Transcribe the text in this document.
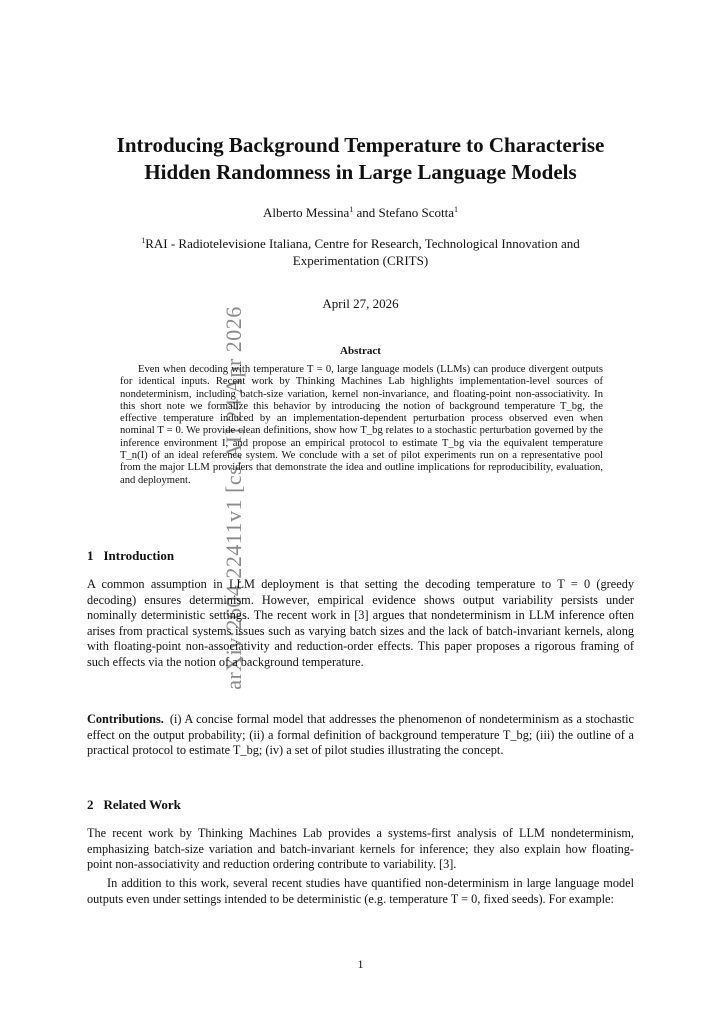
arXiv:2604.22411v1 [cs.AI] 24 Apr 2026
Introducing Background Temperature to Characterise
Hidden Randomness in Large Language Models
Alberto Messina$^1$ and Stefano Scotta$^1$
$^1$RAI - Radiotelevisione Italiana, Centre for Research, Technological Innovation and
Experimentation (CRITS)
April 27, 2026
Abstract
Even when decoding with temperature T = 0, large language models (LLMs) can produce divergent outputs for identical inputs. Recent work by Thinking Machines Lab highlights implementation-level sources of nondeterminism, including batch-size variation, kernel non-invariance, and floating-point non-associativity. In this short note we formalize this behavior by introducing the notion of background temperature T_bg, the effective temperature induced by an implementation-dependent perturbation process observed even when nominal T = 0. We provide clean definitions, show how T_bg relates to a stochastic perturbation governed by the inference environment I, and propose an empirical protocol to estimate T_bg via the equivalent temperature T_n(I) of an ideal reference system. We conclude with a set of pilot experiments run on a representative pool from the major LLM providers that demonstrate the idea and outline implications for reproducibility, evaluation, and deployment.
1 Introduction
A common assumption in LLM deployment is that setting the decoding temperature to T = 0 (greedy decoding) ensures determinism. However, empirical evidence shows output variability persists under nominally deterministic settings. The recent work in [3] argues that nondeterminism in LLM inference often arises from practical systems issues such as varying batch sizes and the lack of batch-invariant kernels, along with floating-point non-associativity and reduction-order effects. This paper proposes a rigorous framing of such effects via the notion of a background temperature.
Contributions. (i) A concise formal model that addresses the phenomenon of nondeterminism as a stochastic effect on the output probability; (ii) a formal definition of background temperature T_bg; (iii) the outline of a practical protocol to estimate T_bg; (iv) a set of pilot studies illustrating the concept.
2 Related Work
The recent work by Thinking Machines Lab provides a systems-first analysis of LLM nondeterminism, emphasizing batch-size variation and batch-invariant kernels for inference; they also explain how floating-point non-associativity and reduction ordering contribute to variability. [3].
In addition to this work, several recent studies have quantified non-determinism in large language model outputs even under settings intended to be deterministic (e.g. temperature T = 0, fixed seeds). For example:
1
